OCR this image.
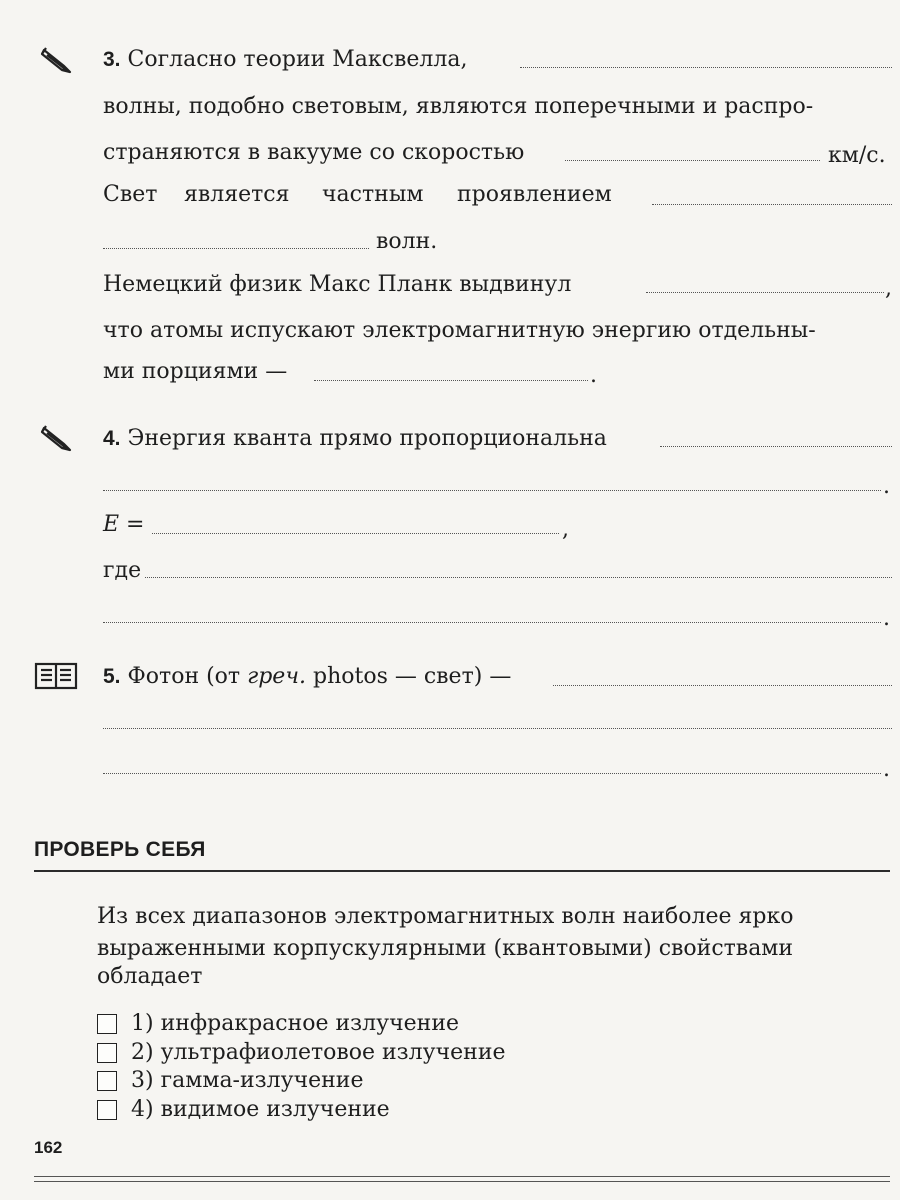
3. Согласно теории Максвелла,
волны, подобно световым, являются поперечными и распро-
страняются в вакууме со скоростью	км/с.
Свет является частным проявлением
волн.
Немецкий физик Макс Планк выдвинул	,
что атомы испускают электромагнитную энергию отдельны-
ми порциями —	.
4. Энергия кванта прямо пропорциональна
.
E =	,
где
.
5. Фотон (от греч. photos — свет) —
.
ПРОВЕРЬ СЕБЯ
Из всех диапазонов электромагнитных волн наиболее ярко
выраженными корпускулярными (квантовыми) свойствами
обладает
1) инфракрасное излучение
2) ультрафиолетовое излучение
3) гамма-излучение
4) видимое излучение
162
